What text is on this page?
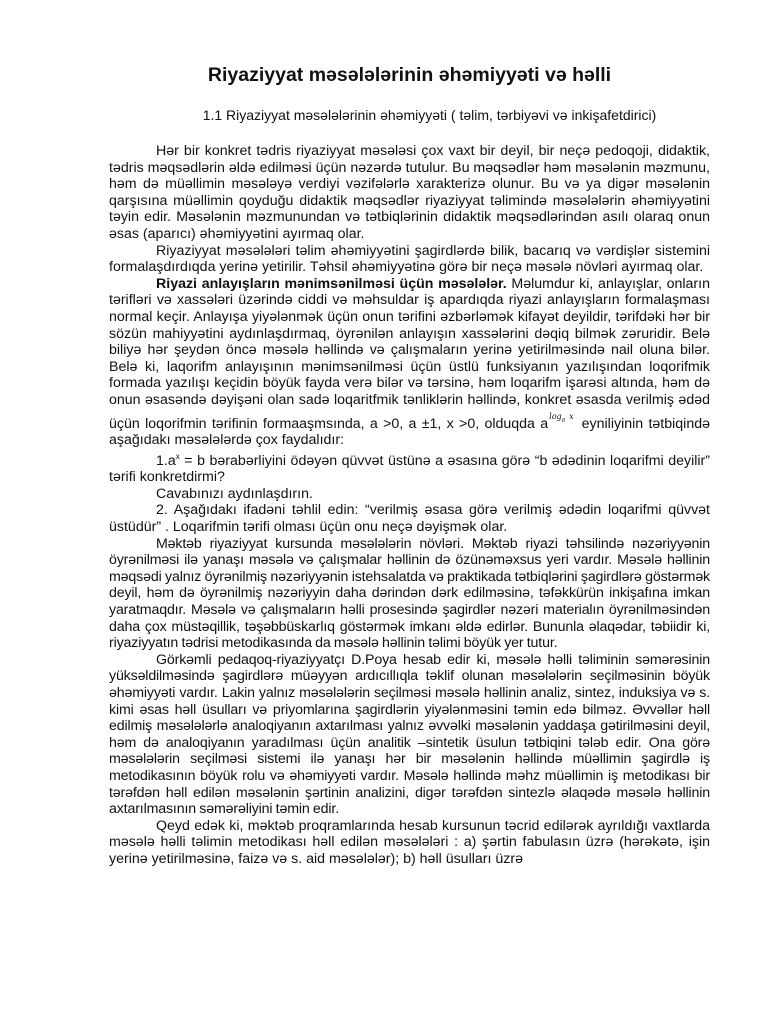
Riyaziyyat məsələlərinin əhəmiyyəti və həlli
1.1 Riyaziyyat məsələlərinin əhəmiyyəti ( təlim, tərbiyəvi və inkişafetdirici)

Hər bir konkret tədris riyaziyyat məsələsi çox vaxt bir deyil, bir neçə pedoqoji, didaktik, tədris məqsədlərin əldə edilməsi üçün nəzərdə tutulur. Bu məqsədlər həm məsələnin məzmunu, həm də müəllimin məsələyə verdiyi vəzifələrlə xarakterizə olunur. Bu və ya digər məsələnin qarşısına müəllimin qoyduğu didaktik məqsədlər riyaziyyat təlimində məsələlərin əhəmiyyətini təyin edir. Məsələnin məzmunundan və tətbiqlərinin didaktik məqsədlərindən asılı olaraq onun əsas (aparıcı) əhəmiyyətini ayırmaq olar.

Riyaziyyat məsələləri təlim əhəmiyyətini şagirdlərdə bilik, bacarıq və vərdişlər sistemini formalaşdırdıqda yerinə yetirilir. Təhsil əhəmiyyətinə görə bir neçə məsələ növləri ayırmaq olar.

Riyazi anlayışların mənimsənilməsi üçün məsələlər. Məlumdur ki, anlayışlar, onların tərifləri və xassələri üzərində ciddi və məhsuldar iş apardıqda riyazi anlayışların formalaşması normal keçir. Anlayışa yiyələnmək üçün onun tərifini əzbərləmək kifayət deyildir, tərifdəki hər bir sözün mahiyyətini aydınlaşdırmaq, öyrənilən anlayışın xassələrini dəqiq bilmək zəruridir. Belə biliyə hər şeydən öncə məsələ həllində və çalışmaların yerinə yetirilməsində nail oluna bilər. Belə ki, laqorifm anlayışının mənimsənilməsi üçün üstlü funksiyanın yazılışından loqorifmik formada yazılışı keçidin böyük fayda verə bilər və tərsinə, həm loqarifm işarəsi altında, həm də onun əsasəndə dəyişəni olan sadə loqaritfmik tənliklərin həllində, konkret əsasda verilmiş ədəd üçün loqorifmin tərifinin formaaşmsında, a >0, a ±1, x >0, olduqda $a^{log_a x}$ eyniliyinin tətbiqində aşağıdakı məsələlərdə çox faydalıdır:

$1.a^x = b$ bərabərliyini ödəyən qüvvət üstünə a əsasına görə “b ədədinin loqarifmi deyilir” tərifi konkretdirmi?

Cavabınızı aydınlaşdırın.

2. Aşağıdakı ifadəni təhlil edin: “verilmiş əsasa görə verilmiş ədədin loqarifmi qüvvət üstüdür” . Loqarifmin tərifi olması üçün onu neçə dəyişmək olar.

Məktəb riyaziyyat kursunda məsələlərin növləri. Məktəb riyazi təhsilində nəzəriyyənin öyrənilməsi ilə yanaşı məsələ və çalışmalar həllinin də özünəməxsus yeri vardır. Məsələ həllinin məqsədi yalnız öyrənilmiş nəzəriyyənin istehsalatda və praktikada tətbiqlərini şagirdlərə göstərmək deyil, həm də öyrənilmiş nəzəriyyin daha dərindən dərk edilməsinə, təfəkkürün inkişafına imkan yaratmaqdır. Məsələ və çalışmaların həlli prosesində şagirdlər nəzəri materialın öyrənilməsindən daha çox müstəqillik, təşəbbüskarlıq göstərmək imkanı əldə edirlər. Bununla əlaqədar, təbiidir ki, riyaziyyatın tədrisi metodikasında da məsələ həllinin təlimi böyük yer tutur.

Görkəmli pedaqoq-riyaziyyatçı D.Poya hesab edir ki, məsələ həlli təliminin səmərəsinin yüksəldilməsində şagirdlərə müəyyən ardıcıllıqla təklif olunan məsələlərin seçilməsinin böyük əhəmiyyəti vardır. Lakin yalnız məsələlərin seçilməsi məsələ həllinin analiz, sintez, induksiya və s. kimi əsas həll üsulları və priyomlarına şagirdlərin yiyələnməsini təmin edə bilməz. Əvvəllər həll edilmiş məsələlərlə analoqiyanın axtarılması yalnız əvvəlki məsələnin yaddaşa gətirilməsini deyil, həm də analoqiyanın yaradılması üçün analitik –sintetik üsulun tətbiqini tələb edir. Ona görə məsələlərin seçilməsi sistemi ilə yanaşı hər bir məsələnin həllində müəllimin şagirdlə iş metodikasının böyük rolu və əhəmiyyəti vardır. Məsələ həllində məhz müəllimin iş metodikası bir tərəfdən həll edilən məsələnin şərtinin analizini, digər tərəfdən sintezlə əlaqədə məsələ həllinin axtarılmasının səmərəliyini təmin edir.

Qeyd edək ki, məktəb proqramlarında hesab kursunun təcrid edilərək ayrıldığı vaxtlarda məsələ həlli təlimin metodikası həll edilən məsələləri : a) şərtin fabulasın üzrə (hərəkətə, işin yerinə yetirilməsinə, faizə və s. aid məsələlər); b) həll üsulları üzrə
